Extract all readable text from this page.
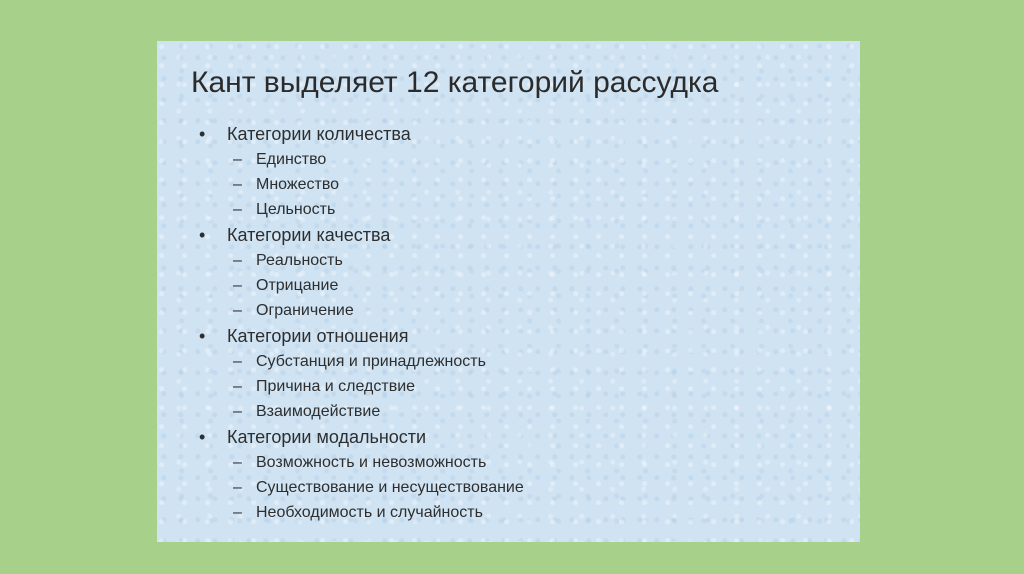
Кант выделяет 12 категорий рассудка
• Категории количества
– Единство
– Множество
– Цельность
• Категории качества
– Реальность
– Отрицание
– Ограничение
• Категории отношения
– Субстанция и принадлежность
– Причина и следствие
– Взаимодействие
• Категории модальности
– Возможность и невозможность
– Существование и несуществование
– Необходимость и случайность
